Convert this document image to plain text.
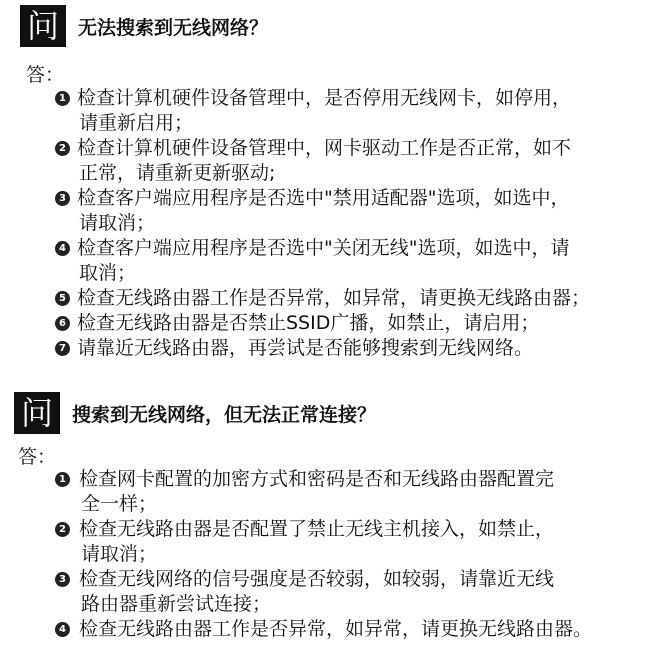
问	无法搜索到无线网络？
答：
1 检查计算机硬件设备管理中，是否停用无线网卡，如停用，
请重新启用；
2 检查计算机硬件设备管理中，网卡驱动工作是否正常，如不
正常，请重新更新驱动;
3 检查客户端应用程序是否选中"禁用适配器"选项，如选中，
请取消；
4 检查客户端应用程序是否选中"关闭无线"选项，如选中，请
取消；
5 检查无线路由器工作是否异常，如异常，请更换无线路由器；
6 检查无线路由器是否禁止SSID广播，如禁止，请启用；
7 请靠近无线路由器，再尝试是否能够搜索到无线网络。
问	搜索到无线网络，但无法正常连接？
答：
1 检查网卡配置的加密方式和密码是否和无线路由器配置完
全一样；
2 检查无线路由器是否配置了禁止无线主机接入，如禁止，
请取消；
3 检查无线网络的信号强度是否较弱，如较弱，请靠近无线
路由器重新尝试连接；
4 检查无线路由器工作是否异常，如异常，请更换无线路由器。
